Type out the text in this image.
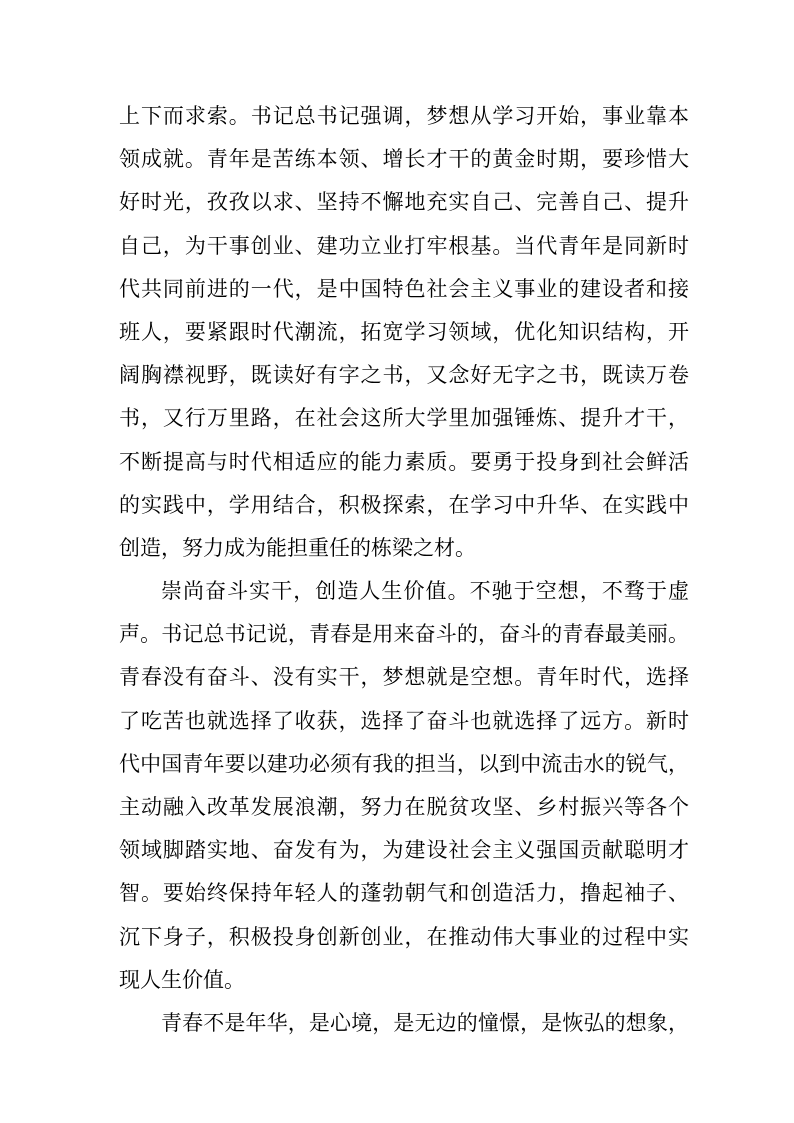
上下而求索。书记总书记强调，梦想从学习开始，事业靠本
领成就。青年是苦练本领、增长才干的黄金时期，要珍惜大
好时光，孜孜以求、坚持不懈地充实自己、完善自己、提升
自己，为干事创业、建功立业打牢根基。当代青年是同新时
代共同前进的一代，是中国特色社会主义事业的建设者和接
班人，要紧跟时代潮流，拓宽学习领域，优化知识结构，开
阔胸襟视野，既读好有字之书，又念好无字之书，既读万卷
书，又行万里路，在社会这所大学里加强锤炼、提升才干，
不断提高与时代相适应的能力素质。要勇于投身到社会鲜活
的实践中，学用结合，积极探索，在学习中升华、在实践中
创造，努力成为能担重任的栋梁之材。
崇尚奋斗实干，创造人生价值。不驰于空想，不骛于虚
声。书记总书记说，青春是用来奋斗的，奋斗的青春最美丽。
青春没有奋斗、没有实干，梦想就是空想。青年时代，选择
了吃苦也就选择了收获，选择了奋斗也就选择了远方。新时
代中国青年要以建功必须有我的担当，以到中流击水的锐气，
主动融入改革发展浪潮，努力在脱贫攻坚、乡村振兴等各个
领域脚踏实地、奋发有为，为建设社会主义强国贡献聪明才
智。要始终保持年轻人的蓬勃朝气和创造活力，撸起袖子、
沉下身子，积极投身创新创业，在推动伟大事业的过程中实
现人生价值。
青春不是年华，是心境，是无边的憧憬，是恢弘的想象，
